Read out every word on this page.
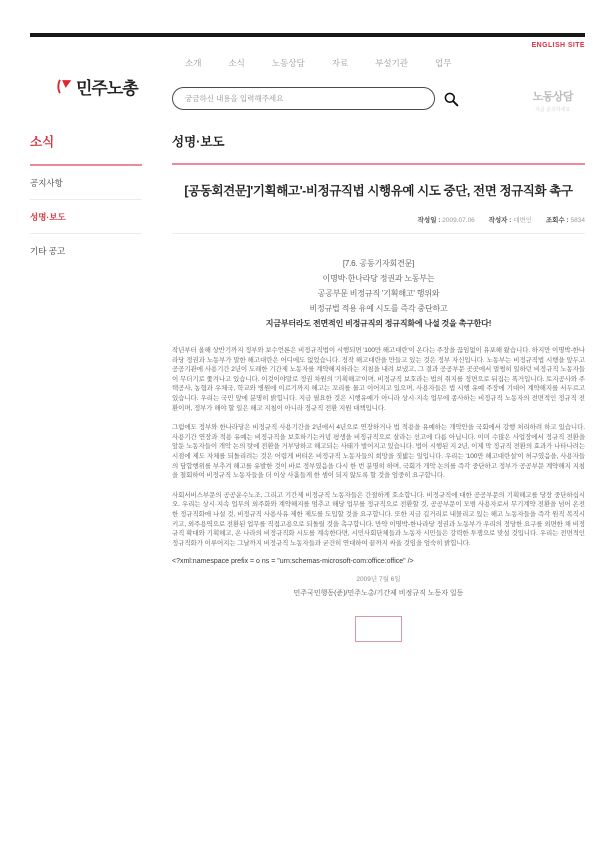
ENGLISH SITE
민주노총
소개	소식	노동상담	자료	부설기관	업무
궁금하신 내용을 입력해주세요
노동상담
지금 문의하세요
소식
공지사항
성명·보도
기타 공고
성명·보도
[공동회견문]'기획해고'-비정규직법 시행유예 시도 중단, 전면 정규직화 촉구
작성일 : 2009.07.06 작성자 : 대변인 조회수 : 5834
[7.6. 공동기자회견문]
이명박·한나라당 정권과 노동부는
공공부문 비정규직 '기획해고' 행위와
비정규법 적용 유예 시도를 즉각 중단하고
지금부터라도 전면적인 비정규직의 정규직화에 나설 것을 촉구한다!

작년부터 올해 상반기까지 정부와 보수언론은 비정규직법이 시행되면 '100만 해고대란'이 온다는 주장을 끊임없이 유포해 왔습니다. 하지만 이명박-한나라당 정권과 노동부가 말한 해고대란은 어디에도 없었습니다. 정작 해고대란을 만들고 있는 것은 정부 자신입니다. 노동부는 비정규직법 시행을 앞두고 공공기관에 사용기간 2년이 도래한 기간제 노동자를 계약해지하라는 지침을 내려 보냈고, 그 결과 공공부문 곳곳에서 멀쩡히 일하던 비정규직 노동자들이 무더기로 쫓겨나고 있습니다. 이것이야말로 정권 차원의 '기획해고'이며, 비정규직 보호라는 법의 취지를 정면으로 뒤집는 폭거입니다. 토지공사와 주택공사, 농협과 우체국, 학교와 병원에 이르기까지 해고는 꼬리를 물고 이어지고 있으며, 사용자들은 법 시행 유예 주장에 기대어 계약해지를 서두르고 있습니다. 우리는 국민 앞에 분명히 밝힙니다. 지금 필요한 것은 시행유예가 아니라 상시·지속 업무에 종사하는 비정규직 노동자의 전면적인 정규직 전환이며, 정부가 해야 할 일은 해고 지침이 아니라 정규직 전환 지원 대책입니다.

그럼에도 정부와 한나라당은 비정규직 사용기간을 2년에서 4년으로 연장하거나 법 적용을 유예하는 개악안을 국회에서 강행 처리하려 하고 있습니다. 사용기간 연장과 적용 유예는 비정규직을 보호하기는커녕 평생을 비정규직으로 살라는 선고에 다름 아닙니다. 이미 수많은 사업장에서 정규직 전환을 앞둔 노동자들이 개악 논의 탓에 전환을 거부당하고 해고되는 사태가 벌어지고 있습니다. 법이 시행된 지 2년, 이제 막 정규직 전환의 효과가 나타나려는 시점에 제도 자체를 되돌리려는 것은 어렵게 버텨온 비정규직 노동자들의 희망을 짓밟는 일입니다. 우리는 '100만 해고대란설'이 허구였음을, 사용자들의 담합행위를 부추겨 해고를 유발한 것이 바로 정부였음을 다시 한 번 분명히 하며, 국회가 개악 논의를 즉각 중단하고 정부가 공공부문 계약해지 지침을 철회하여 비정규직 노동자들을 더 이상 사흘들게 한 셈이 되지 않도록 할 것을 엄중히 요구합니다.

사회서비스부문의 공공운수노조, 그리고 기간제 비정규직 노동자들은 간절하게 호소합니다. 비정규직에 대한 공공부문의 기획해고를 당장 중단하십시오. 우리는 상시·지속 업무의 외주화와 계약해지를 멈추고 해당 업무를 정규직으로 전환할 것, 공공부문이 모범 사용자로서 무기계약 전환을 넘어 온전한 정규직화에 나설 것, 비정규직 사용사유 제한 제도를 도입할 것을 요구합니다. 또한 지금 길거리로 내몰리고 있는 해고 노동자들을 즉각 원직 복직시키고, 외주용역으로 전환된 업무를 직접고용으로 되돌릴 것을 촉구합니다. 만약 이명박-한나라당 정권과 노동부가 우리의 정당한 요구를 외면한 채 비정규직 확대와 기획해고, 온 나라의 비정규직화 시도를 계속한다면, 시민사회단체들과 노동자 시민들은 강력한 투쟁으로 맞설 것입니다. 우리는 전면적인 정규직화가 이루어지는 그날까지 비정규직 노동자들과 굳건히 연대하여 끝까지 싸울 것임을 엄숙히 밝힙니다.

<?xml:namespace prefix = o ns = "urn:schemas-microsoft-com:office:office" />
2009년 7월 6일
민주국민행동(준)/민주노총/기간제 비정규직 노동자 일동
